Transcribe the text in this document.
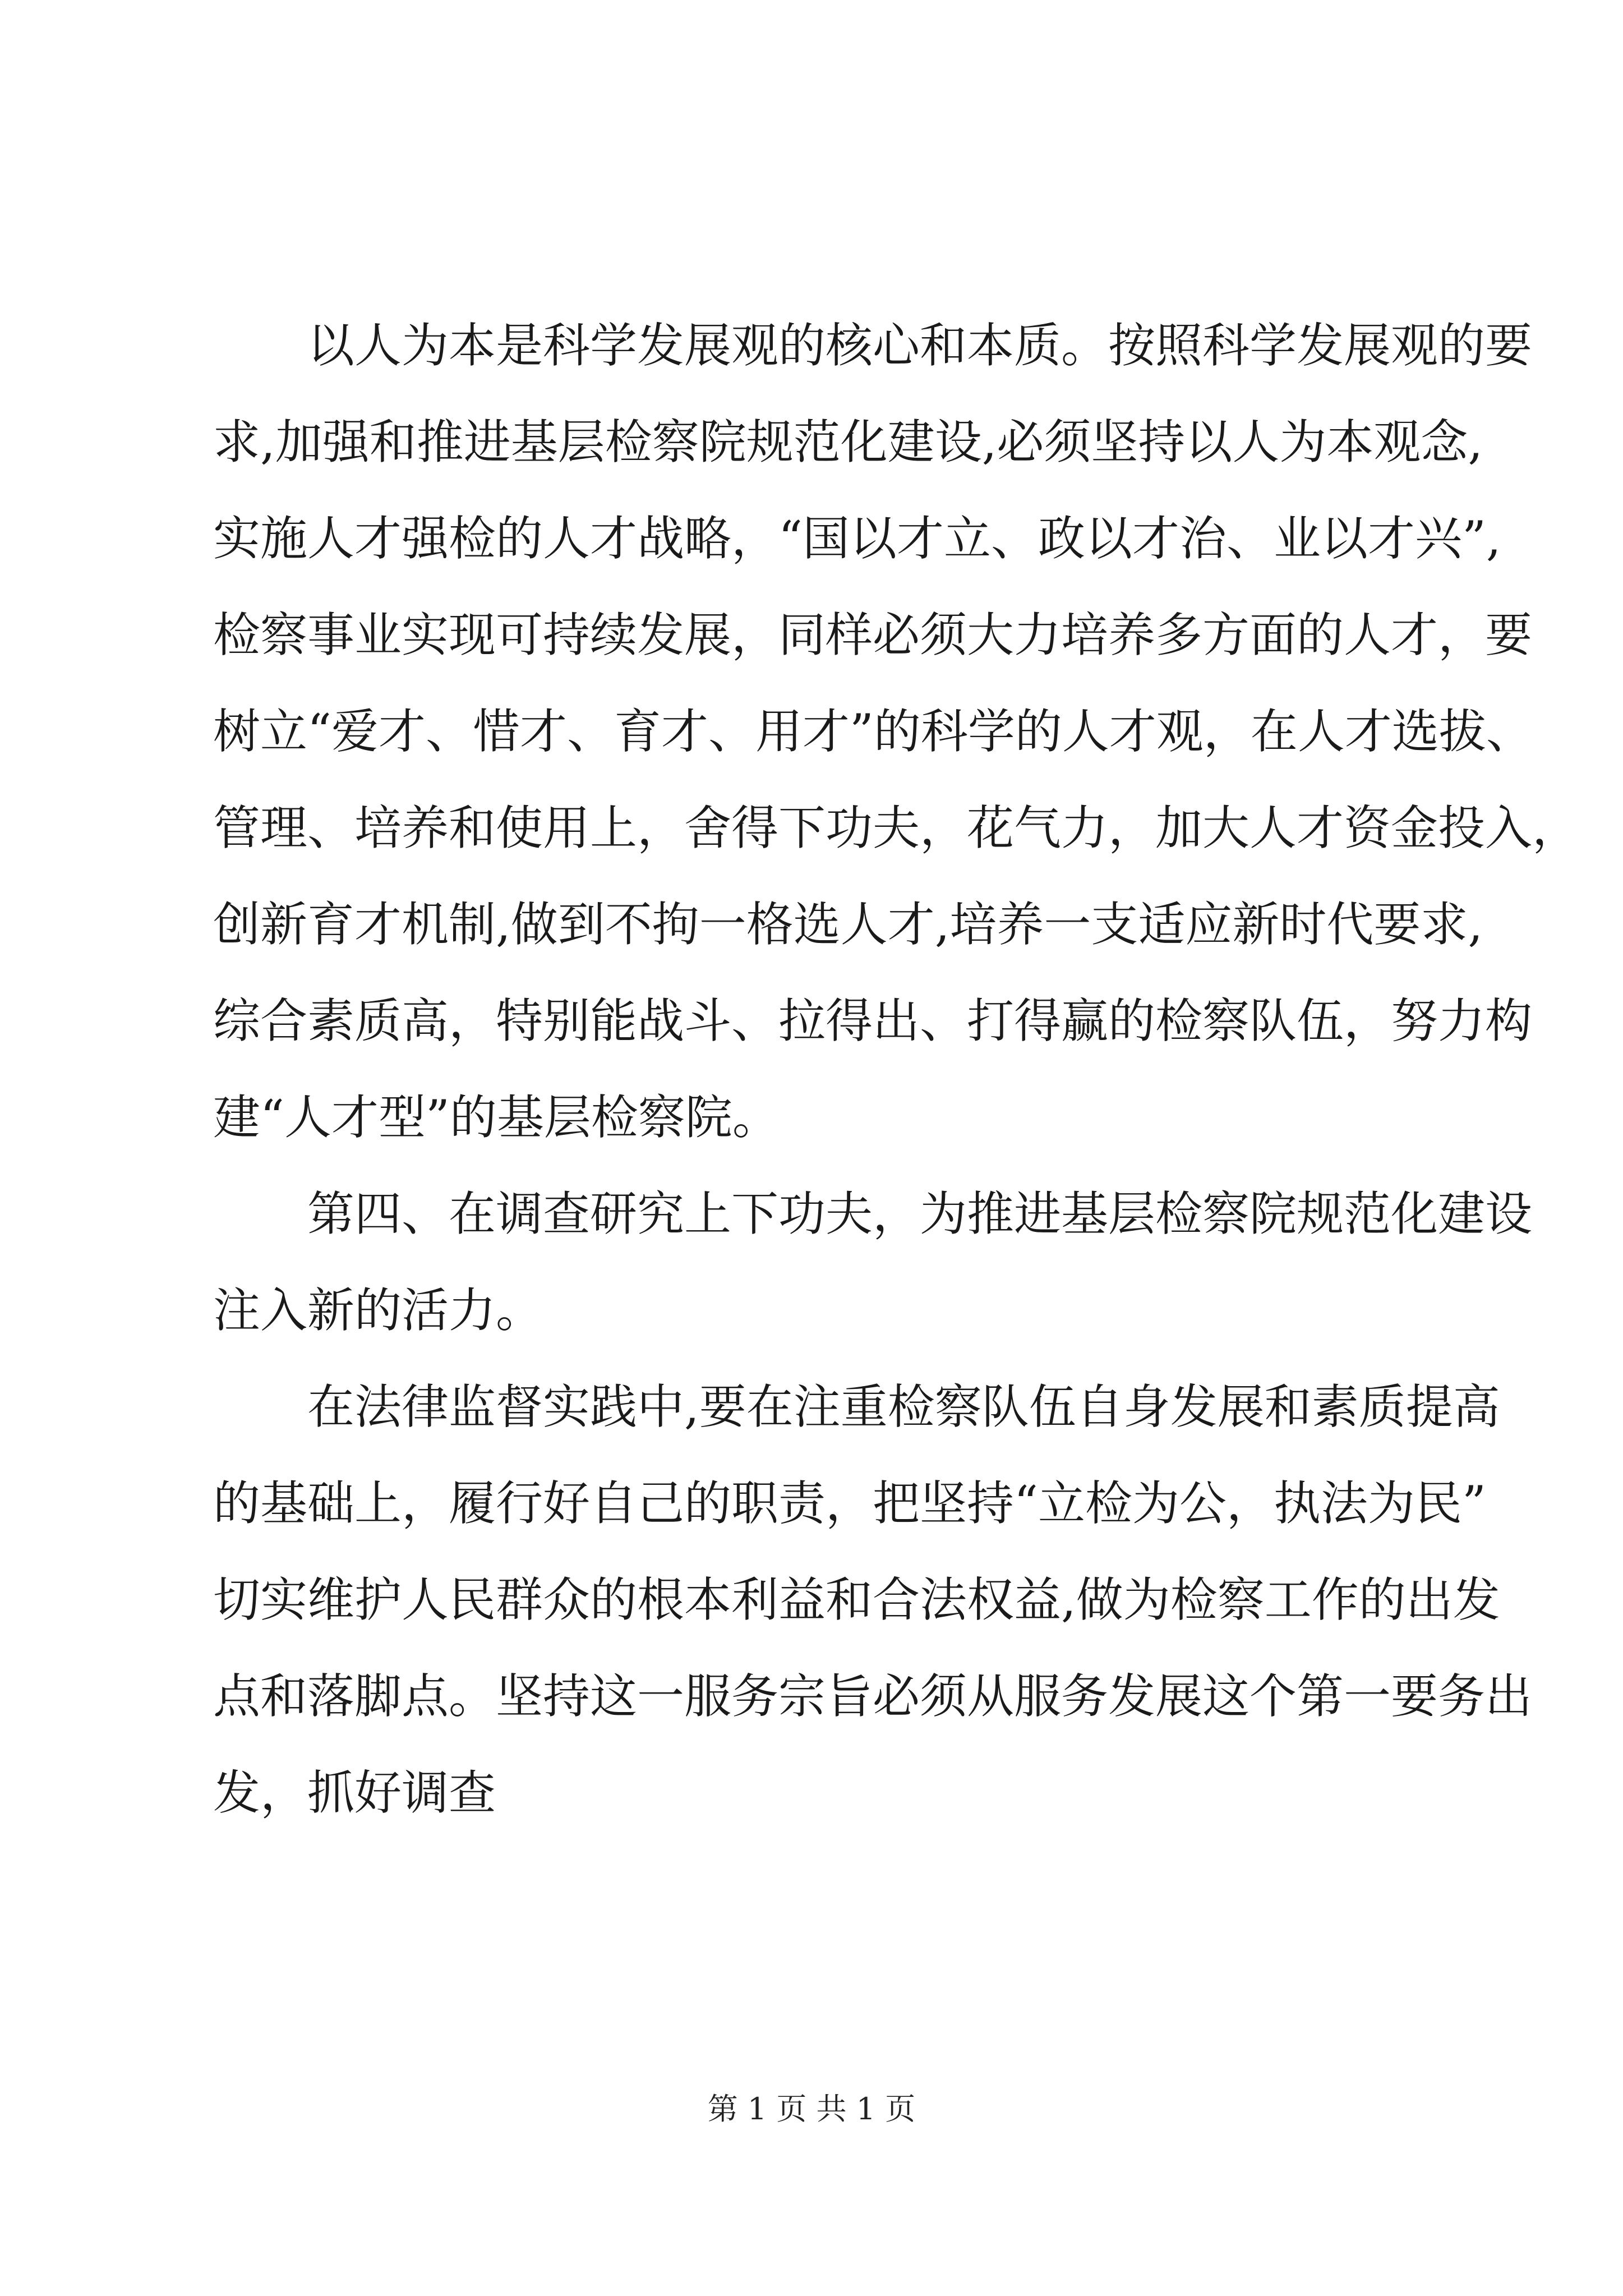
以人为本是科学发展观的核心和本质。按照科学发展观的要
求,加强和推进基层检察院规范化建设,必须坚持以人为本观念,
实施人才强检的人才战略，“国以才立、政以才治、业以才兴”,
检察事业实现可持续发展，同样必须大力培养多方面的人才，要
树立“爱才、惜才、育才、用才”的科学的人才观，在人才选拔、
管理、培养和使用上，舍得下功夫，花气力，加大人才资金投入，
创新育才机制,做到不拘一格选人才,培养一支适应新时代要求,
综合素质高，特别能战斗、拉得出、打得赢的检察队伍，努力构
建“人才型”的基层检察院。
第四、在调查研究上下功夫，为推进基层检察院规范化建设
注入新的活力。
在法律监督实践中,要在注重检察队伍自身发展和素质提高
的基础上，履行好自己的职责，把坚持“立检为公，执法为民”
切实维护人民群众的根本利益和合法权益,做为检察工作的出发
点和落脚点。坚持这一服务宗旨必须从服务发展这个第一要务出
发，抓好调查
第 1 页 共 1 页
